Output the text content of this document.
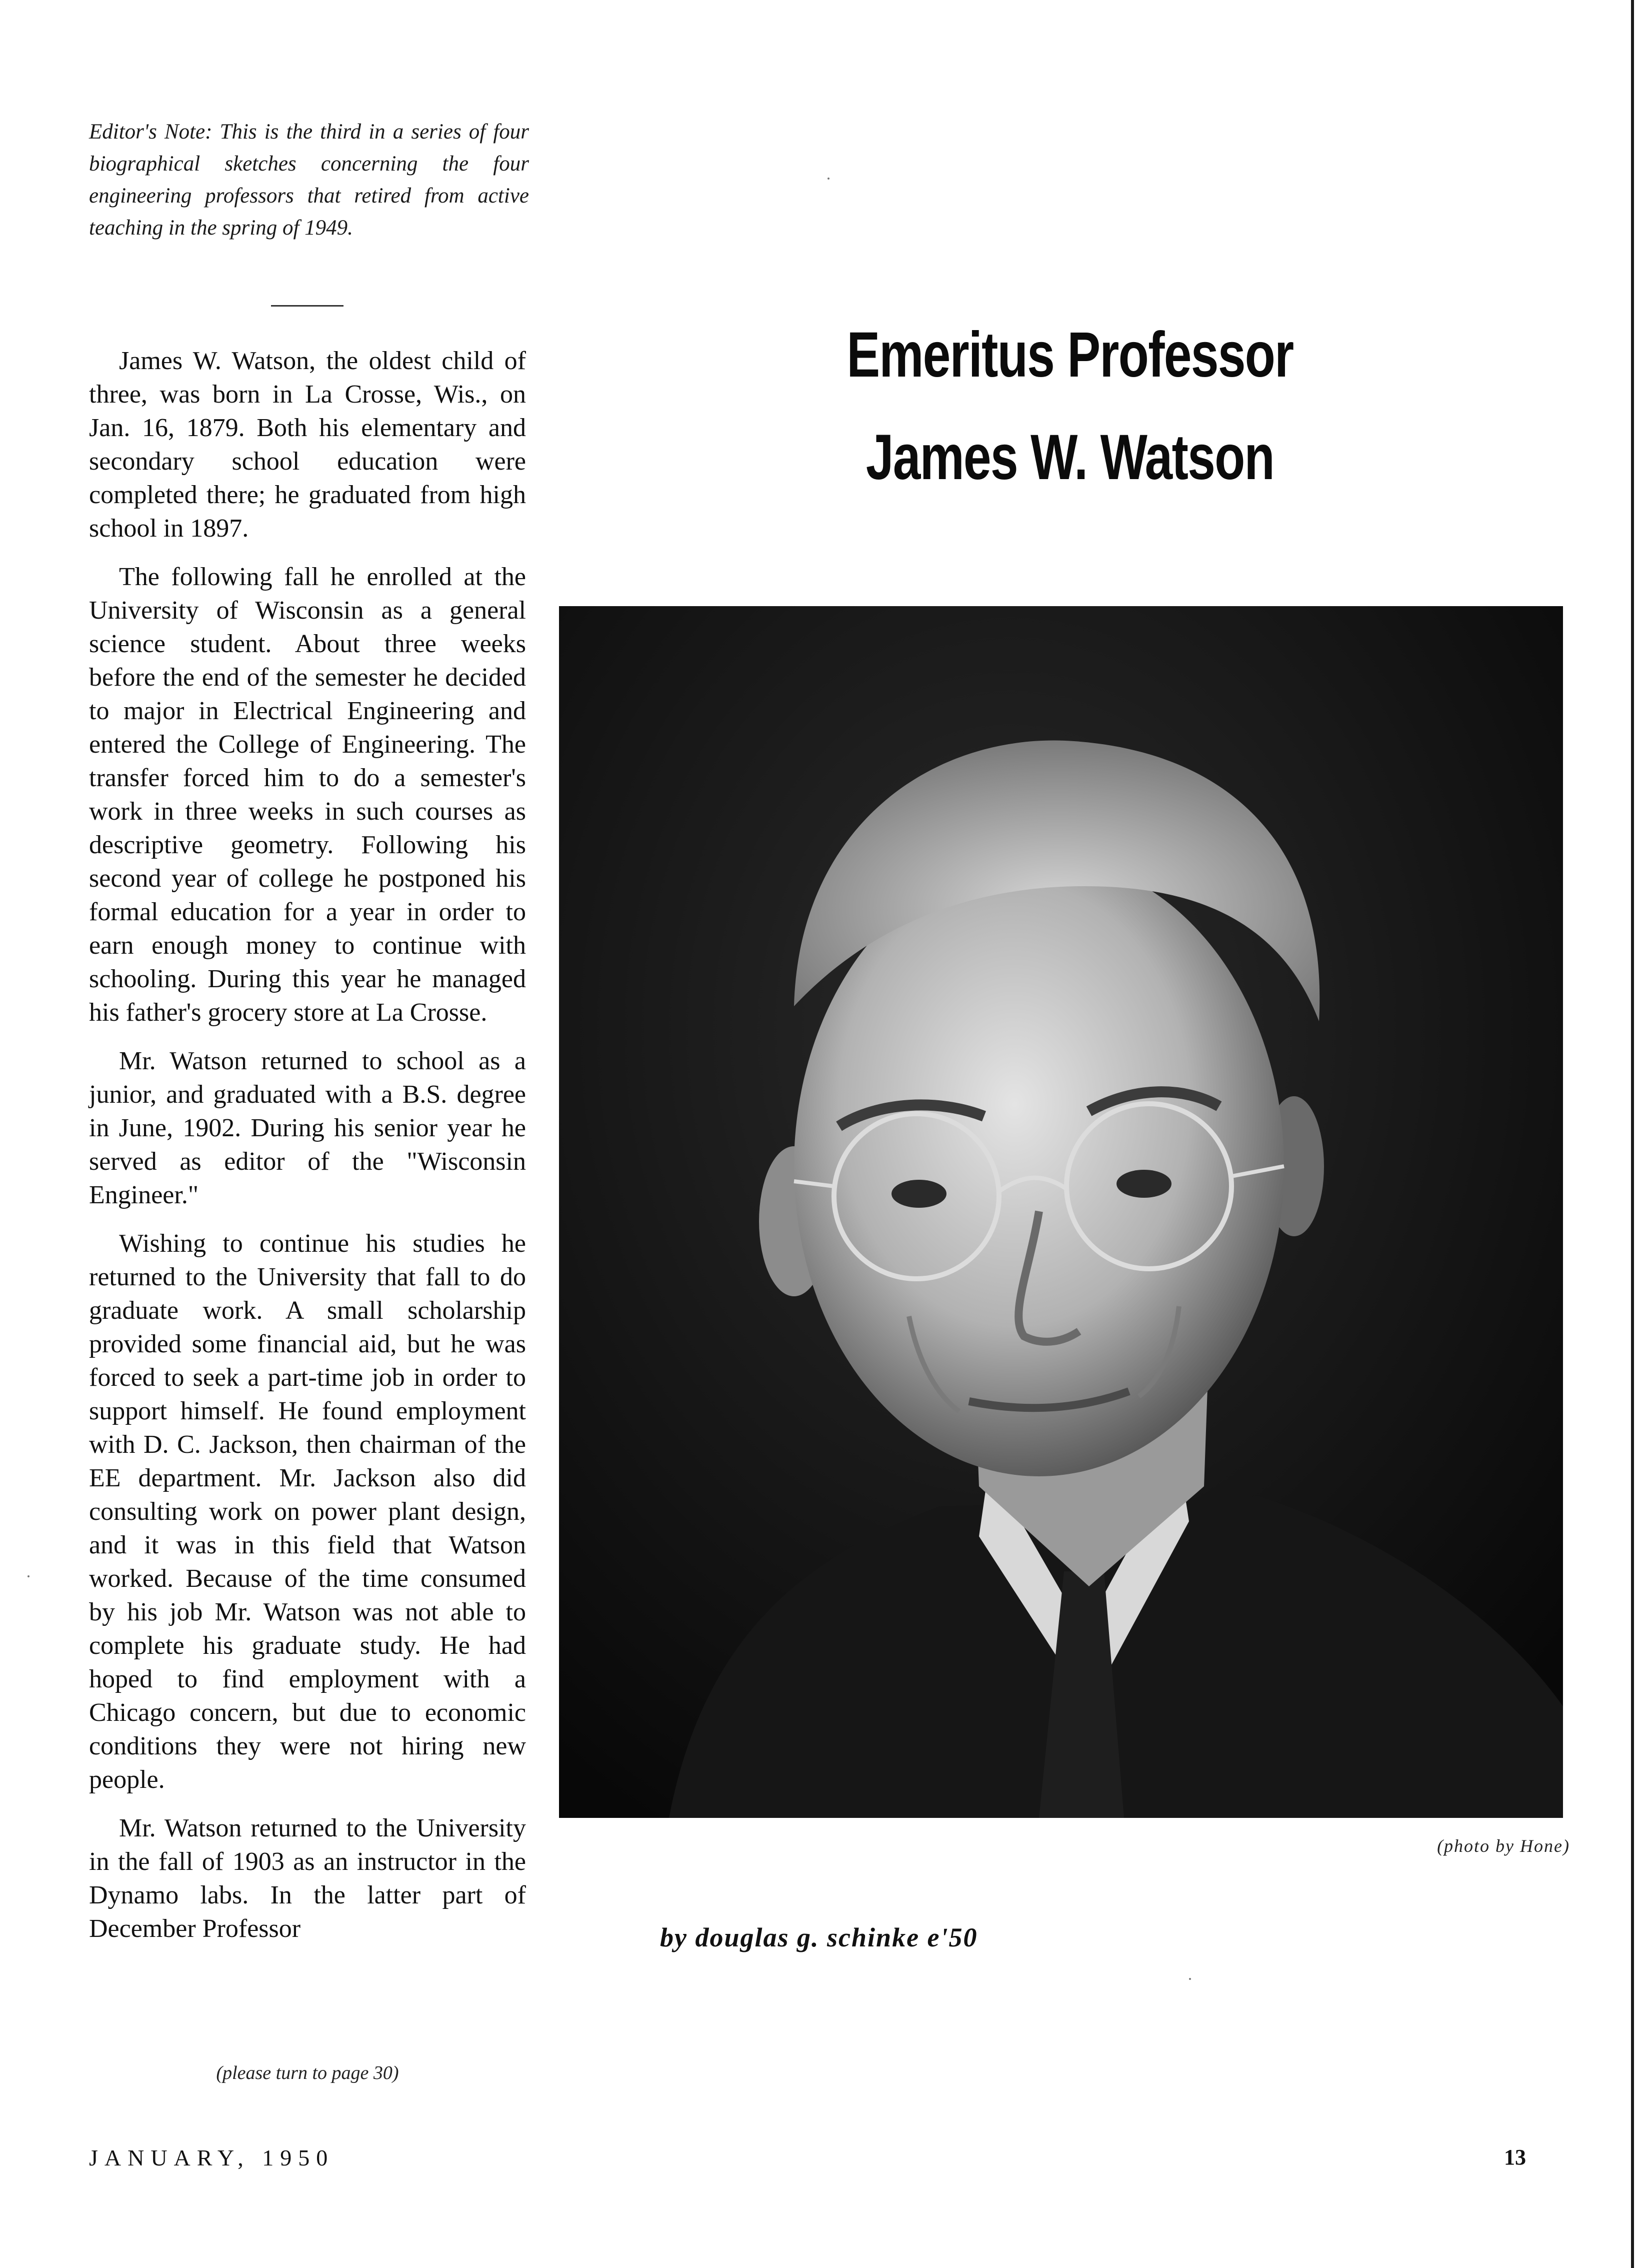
Editor's Note: This is the third in a series of four biographical sketches concerning the four engineering professors that retired from active teaching in the spring of 1949.

James W. Watson, the oldest child of three, was born in La Crosse, Wis., on Jan. 16, 1879. Both his elementary and secondary school education were completed there; he graduated from high school in 1897.

The following fall he enrolled at the University of Wisconsin as a general science student. About three weeks before the end of the semester he decided to major in Electrical Engineering and entered the College of Engineering. The transfer forced him to do a semester's work in three weeks in such courses as descriptive geometry. Following his second year of college he postponed his formal education for a year in order to earn enough money to continue with schooling. During this year he managed his father's grocery store at La Crosse.

Mr. Watson returned to school as a junior, and graduated with a B.S. degree in June, 1902. During his senior year he served as editor of the "Wisconsin Engineer."

Wishing to continue his studies he returned to the University that fall to do graduate work. A small scholarship provided some financial aid, but he was forced to seek a part-time job in order to support himself. He found employment with D. C. Jackson, then chairman of the EE department. Mr. Jackson also did consulting work on power plant design, and it was in this field that Watson worked. Because of the time consumed by his job Mr. Watson was not able to complete his graduate study. He had hoped to find employment with a Chicago concern, but due to economic conditions they were not hiring new people.

Mr. Watson returned to the University in the fall of 1903 as an instructor in the Dynamo labs. In the latter part of December Professor

(please turn to page 30)
Emeritus Professor
James W. Watson
(photo by Hone)
by douglas g. schinke e'50
JANUARY, 1950	13
